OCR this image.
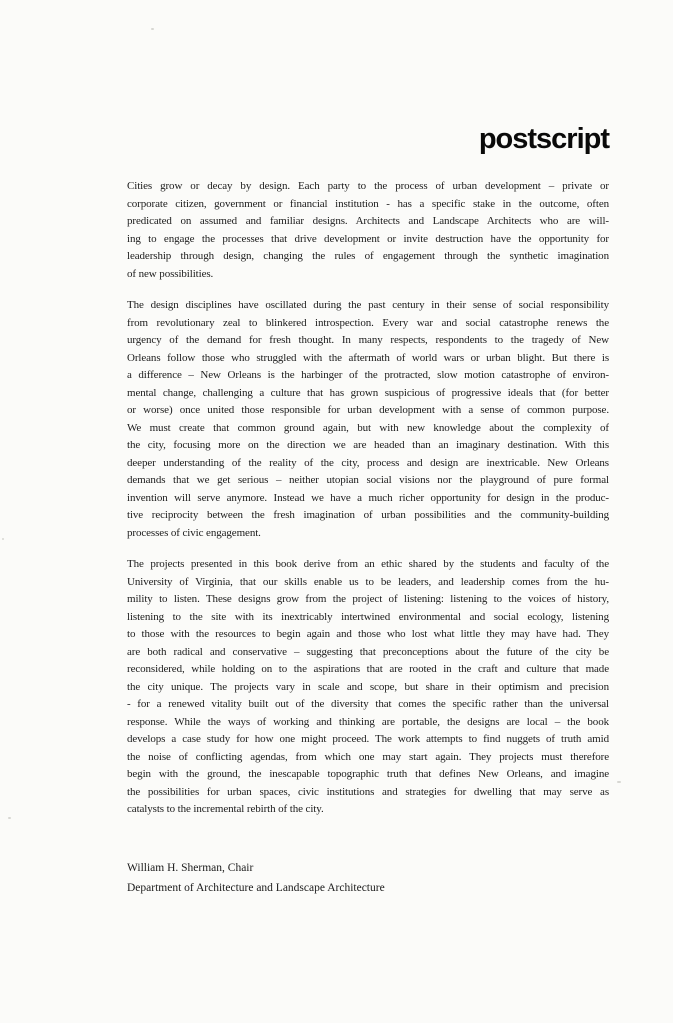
postscript
Cities grow or decay by design. Each party to the process of urban development – private or
corporate citizen, government or financial institution - has a specific stake in the outcome, often
predicated on assumed and familiar designs. Architects and Landscape Architects who are will-
ing to engage the processes that drive development or invite destruction have the opportunity for
leadership through design, changing the rules of engagement through the synthetic imagination
of new possibilities.
The design disciplines have oscillated during the past century in their sense of social responsibility
from revolutionary zeal to blinkered introspection. Every war and social catastrophe renews the
urgency of the demand for fresh thought. In many respects, respondents to the tragedy of New
Orleans follow those who struggled with the aftermath of world wars or urban blight. But there is
a difference – New Orleans is the harbinger of the protracted, slow motion catastrophe of environ-
mental change, challenging a culture that has grown suspicious of progressive ideals that (for better
or worse) once united those responsible for urban development with a sense of common purpose.
We must create that common ground again, but with new knowledge about the complexity of
the city, focusing more on the direction we are headed than an imaginary destination. With this
deeper understanding of the reality of the city, process and design are inextricable. New Orleans
demands that we get serious – neither utopian social visions nor the playground of pure formal
invention will serve anymore. Instead we have a much richer opportunity for design in the produc-
tive reciprocity between the fresh imagination of urban possibilities and the community-building
processes of civic engagement.
The projects presented in this book derive from an ethic shared by the students and faculty of the
University of Virginia, that our skills enable us to be leaders, and leadership comes from the hu-
mility to listen. These designs grow from the project of listening: listening to the voices of history,
listening to the site with its inextricably intertwined environmental and social ecology, listening
to those with the resources to begin again and those who lost what little they may have had. They
are both radical and conservative – suggesting that preconceptions about the future of the city be
reconsidered, while holding on to the aspirations that are rooted in the craft and culture that made
the city unique. The projects vary in scale and scope, but share in their optimism and precision
- for a renewed vitality built out of the diversity that comes the specific rather than the universal
response. While the ways of working and thinking are portable, the designs are local – the book
develops a case study for how one might proceed. The work attempts to find nuggets of truth amid
the noise of conflicting agendas, from which one may start again. They projects must therefore
begin with the ground, the inescapable topographic truth that defines New Orleans, and imagine
the possibilities for urban spaces, civic institutions and strategies for dwelling that may serve as
catalysts to the incremental rebirth of the city.
William H. Sherman, Chair
Department of Architecture and Landscape Architecture
